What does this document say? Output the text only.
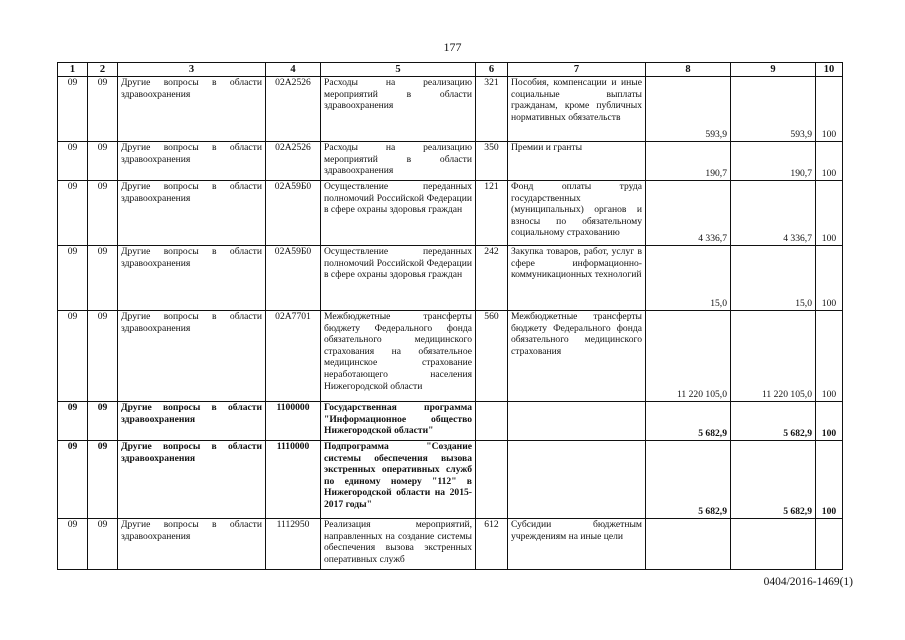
177
1	2	3	4	5	6	7	8	9	10
09	09	Другие вопросы в области здравоохранения	02А2526	Расходы на реализацию мероприятий в области здравоохранения	321	Пособия, компенсации и иные социальные выплаты гражданам, кроме публичных нормативных обязательств	593,9	593,9	100
09	09	Другие вопросы в области здравоохранения	02А2526	Расходы на реализацию мероприятий в области здравоохранения	350	Премии и гранты	190,7	190,7	100
09	09	Другие вопросы в области здравоохранения	02А59Б0	Осуществление переданных полномочий Российской Федерации в сфере охраны здоровья граждан	121	Фонд оплаты труда государственных (муниципальных) органов и взносы по обязательному социальному страхованию	4 336,7	4 336,7	100
09	09	Другие вопросы в области здравоохранения	02А59Б0	Осуществление переданных полномочий Российской Федерации в сфере охраны здоровья граждан	242	Закупка товаров, работ, услуг в сфере информационно-коммуникационных технологий	15,0	15,0	100
09	09	Другие вопросы в области здравоохранения	02А7701	Межбюджетные трансферты бюджету Федерального фонда обязательного медицинского страхования на обязательное медицинское страхование неработающего населения Нижегородской области	560	Межбюджетные трансферты бюджету Федерального фонда обязательного медицинского страхования	11 220 105,0	11 220 105,0	100
09	09	Другие вопросы в области здравоохранения	1100000	Государственная программа "Информационное общество Нижегородской области"			5 682,9	5 682,9	100
09	09	Другие вопросы в области здравоохранения	1110000	Подпрограмма "Создание системы обеспечения вызова экстренных оперативных служб по единому номеру "112" в Нижегородской области на 2015-2017 годы"			5 682,9	5 682,9	100
09	09	Другие вопросы в области здравоохранения	1112950	Реализация мероприятий, направленных на создание системы обеспечения вызова экстренных оперативных служб	612	Субсидии бюджетным учреждениям на иные цели			
0404/2016-1469(1)
